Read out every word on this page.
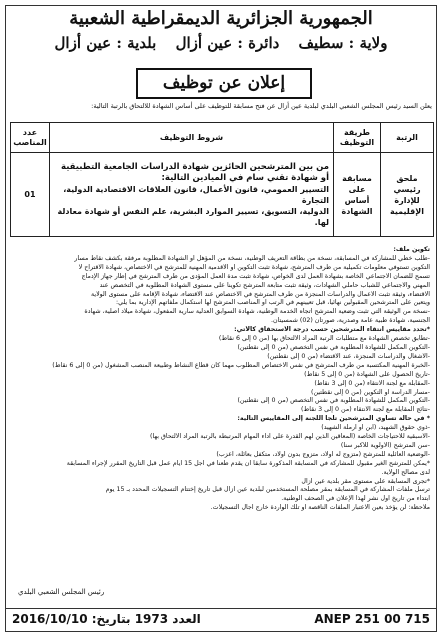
الجمهورية الجزائرية الديمقراطية الشعبية
ولاية : سطيف دائرة : عين أزال بلدية : عين أزال
إعلان عن توظيف
يعلن السيد رئيس المجلس الشعبي البلدي لبلدية عين أزال عن فتح مسابقة للتوظيف على أساس الشهادة للالتحاق بالرتبة التالية:
الرتبة	طريقة التوظيف	شروط التوظيف	عدد المناصب
ملحق رئيسي للإدارة الإقليمية	مسابقة على أساس الشهادة	من بين المترشحين الحائزين شهادة الدراسات الجامعية التطبيقية
أو شهادة تقني سام في الميادين التالية:
التسيير العمومي، قانون الأعمال، قانون العلاقات الاقتصادية الدولية، التجارة
الدولية، التسويق، تسيير الموارد البشرية، علم النفس أو شهادة معادلة لها.	01

تكوين ملف:

-طلب خطي للمشاركة في المسابقة، نسخة من بطاقة التعريف الوطنية، نسخة من المؤهل أو الشهادة المطلوبة مرفقة بكشف نقاط مسار

التكوين تستوفي معلومات تكميلية من طرف المترشح، شهادة تثبت التكوين أو الأقدمية المهنية للمترشح في الاختصاص، شهادة الاقتراح لا

تسمح للضمان الاجتماعي الخاصة بشهادة العمل لدى الخواص، شهادة تثبت مدة العمل المؤدى من طرف المترشح في إطار جهاز الإدماج

المهني والاجتماعي للشباب حاملي الشهادات، وثيقة تثبت متابعة المترشح تكوينا على مستوى الشهادة المطلوبة في التخصص عند

الاقتضاء، وثيقة تثبت الأعمال والدراسات المنجزة من طرف المترشح في الاختصاص عند الاقتضاء، شهادة الإقامة على مستوى الولاية

ويتعين على المترشحين المقبولين نهائيا، قبل تعيينهم في الرتب أو المناصب المترشح لها استكمال ملفاتهم الإدارية بما يلي:

-نسخة من الوثيقة التي تثبت وضعية المترشح اتجاه الخدمة الوطنية، شهادة السوابق العدلية سارية المفعول، شهادة ميلاد أصلية، شهادة

الجنسية، شهادة طبية عامة وصدرية، صورتان (02) شمسيتان.

*تحدد مقاييس انتقاء المترشحين حسب درجة الاستحقاق كالآتي:

-تطابق تخصص الشهادة مع متطلبات الرتبة المراد الالتحاق بها (من 0 إلى 6 نقاط)

-التكوين المكمل للشهادة المطلوبة في نفس التخصص (من 0 إلى نقطتين)

-الأشغال والدراسات المنجزة، عند الاقتضاء (من 0 إلى نقطتين)

-الخبرة المهنية المكتسبة من طرف المترشح في نفس الاختصاص المطلوب مهما كان قطاع النشاط وطبيعة المنصب المشغول (من 0 إلى 6 نقاط)

-تاريخ الحصول على الشهادة (من 0 إلى 5 نقاط)

-المقابلة مع لجنة الانتقاء (من 0 إلى 3 نقاط)

-مسار الدراسة أو التكوين (من 0 إلى نقطتين)

-التكوين المكمل للشهادة المطلوبة في نفس التخصص (من 0 إلى نقطتين)

-نتائج المقابلة مع لجنة الانتقاء (من 0 إلى 3 نقاط)

* في حالة تساوي المترشحين تلجأ اللجنة إلى المقاييس التالية:

-ذوي حقوق الشهيد، (ابن أو أرملة الشهيد)

-الأسبقية للاحتياجات الخاصة (المعاقين الذين لهم القدرة على أداء المهام المرتبطة بالرتبة المراد الالتحاق بها)

-سن المترشح (الأولوية للأكبر سنا)

-الوضعية العائلية للمترشح (متزوج له أولاد، متزوج بدون أولاد، متكفل بعائلة، أعزب)

*يمكن للمترشح الغير مقبول للمشاركة في المسابقة المذكورة سابقا أن يقدم طعنا في أجل 15 أيام عمل قبل التاريخ المقرر لإجراء المسابقة

لدى مصالح الولاية.

*تجرى المسابقة على مستوى مقر بلدية عين أزال

ترسل ملفات المشاركة في المسابقة بمقر مصلحة المستخدمين لبلدية عين أزال قبل تاريخ إختتام التسجيلات المحدد بـ 15 يوم

ابتداء من تاريخ أول نشر لهذا الإعلان في الصحف الوطنية.

ملاحظة: لن يؤخذ بعين الاعتبار الملفات الناقصة أو تلك الواردة خارج آجال التسجيلات.

رئيس المجلس الشعبي البلدي
ANEP 251 00 715
العدد 1973 بتاريخ: 2016/10/10
